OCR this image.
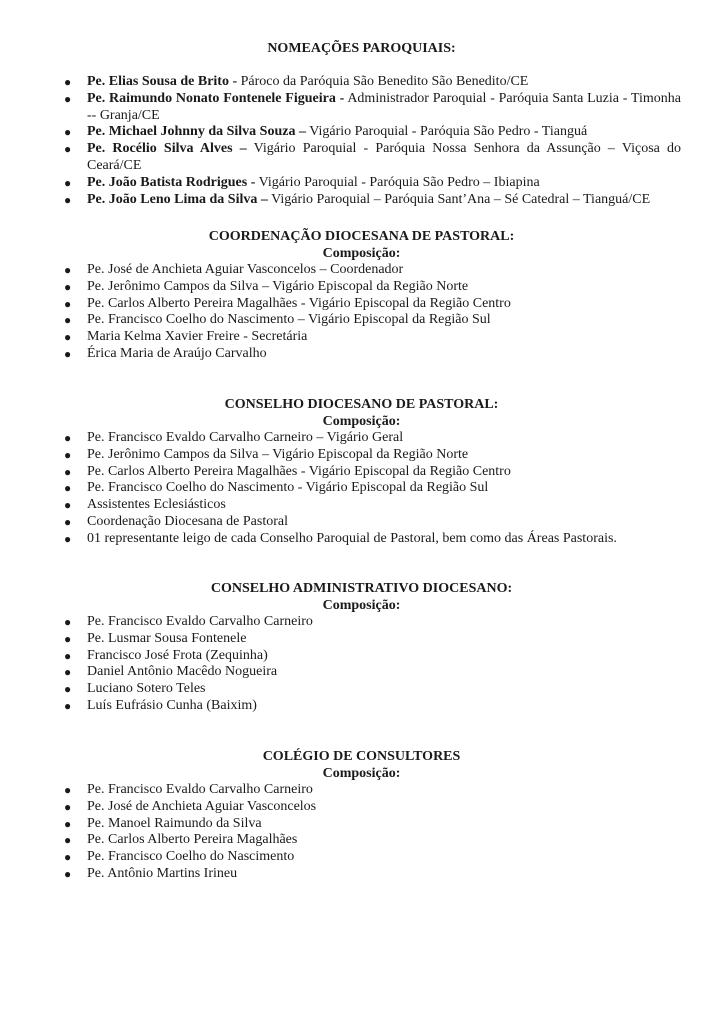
NOMEAÇÕES PAROQUIAIS:

● Pe. Elias Sousa de Brito - Pároco da Paróquia São Benedito São Benedito/CE
● Pe. Raimundo Nonato Fontenele Figueira - Administrador Paroquial - Paróquia Santa Luzia - Timonha -- Granja/CE
● Pe. Michael Johnny da Silva Souza – Vigário Paroquial - Paróquia São Pedro - Tianguá
● Pe. Rocélio Silva Alves – Vigário Paroquial - Paróquia Nossa Senhora da Assunção – Viçosa do Ceará/CE
● Pe. João Batista Rodrigues - Vigário Paroquial - Paróquia São Pedro – Ibiapina
● Pe. João Leno Lima da Silva – Vigário Paroquial – Paróquia Sant’Ana – Sé Catedral – Tianguá/CE

COORDENAÇÃO DIOCESANA DE PASTORAL:

Composição:

● Pe. José de Anchieta Aguiar Vasconcelos – Coordenador
● Pe. Jerônimo Campos da Silva – Vigário Episcopal da Região Norte
● Pe. Carlos Alberto Pereira Magalhães - Vigário Episcopal da Região Centro
● Pe. Francisco Coelho do Nascimento – Vigário Episcopal da Região Sul
● Maria Kelma Xavier Freire - Secretária
● Érica Maria de Araújo Carvalho

CONSELHO DIOCESANO DE PASTORAL:

Composição:

● Pe. Francisco Evaldo Carvalho Carneiro – Vigário Geral
● Pe. Jerônimo Campos da Silva – Vigário Episcopal da Região Norte
● Pe. Carlos Alberto Pereira Magalhães - Vigário Episcopal da Região Centro
● Pe. Francisco Coelho do Nascimento - Vigário Episcopal da Região Sul
● Assistentes Eclesiásticos
● Coordenação Diocesana de Pastoral
● 01 representante leigo de cada Conselho Paroquial de Pastoral, bem como das Áreas Pastorais.

CONSELHO ADMINISTRATIVO DIOCESANO:

Composição:

● Pe. Francisco Evaldo Carvalho Carneiro
● Pe. Lusmar Sousa Fontenele
● Francisco José Frota (Zequinha)
● Daniel Antônio Macêdo Nogueira
● Luciano Sotero Teles
● Luís Eufrásio Cunha (Baixim)

COLÉGIO DE CONSULTORES

Composição:

● Pe. Francisco Evaldo Carvalho Carneiro
● Pe. José de Anchieta Aguiar Vasconcelos
● Pe. Manoel Raimundo da Silva
● Pe. Carlos Alberto Pereira Magalhães
● Pe. Francisco Coelho do Nascimento
● Pe. Antônio Martins Irineu
